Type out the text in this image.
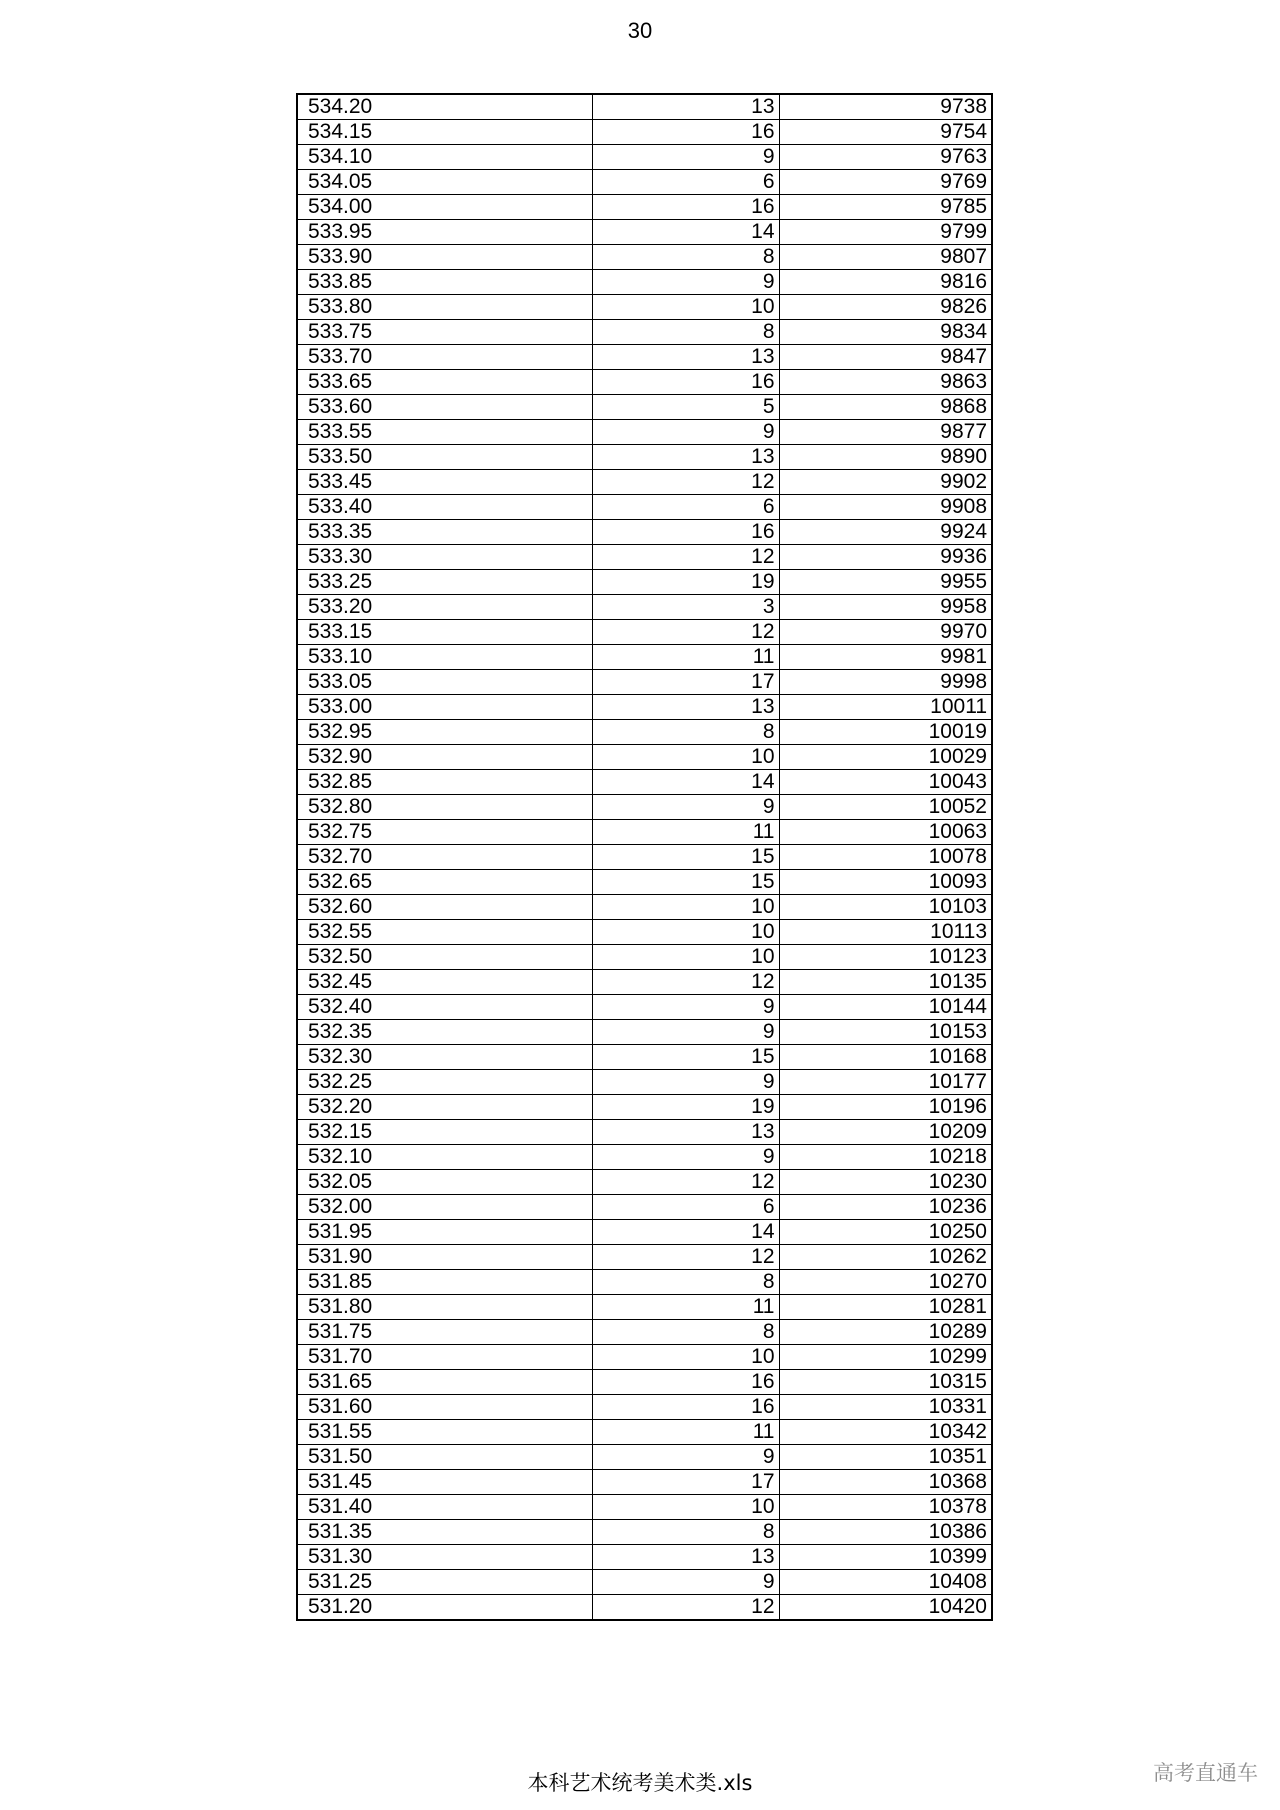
30
534.20	13	9738
534.15	16	9754
534.10	9	9763
534.05	6	9769
534.00	16	9785
533.95	14	9799
533.90	8	9807
533.85	9	9816
533.80	10	9826
533.75	8	9834
533.70	13	9847
533.65	16	9863
533.60	5	9868
533.55	9	9877
533.50	13	9890
533.45	12	9902
533.40	6	9908
533.35	16	9924
533.30	12	9936
533.25	19	9955
533.20	3	9958
533.15	12	9970
533.10	11	9981
533.05	17	9998
533.00	13	10011
532.95	8	10019
532.90	10	10029
532.85	14	10043
532.80	9	10052
532.75	11	10063
532.70	15	10078
532.65	15	10093
532.60	10	10103
532.55	10	10113
532.50	10	10123
532.45	12	10135
532.40	9	10144
532.35	9	10153
532.30	15	10168
532.25	9	10177
532.20	19	10196
532.15	13	10209
532.10	9	10218
532.05	12	10230
532.00	6	10236
531.95	14	10250
531.90	12	10262
531.85	8	10270
531.80	11	10281
531.75	8	10289
531.70	10	10299
531.65	16	10315
531.60	16	10331
531.55	11	10342
531.50	9	10351
531.45	17	10368
531.40	10	10378
531.35	8	10386
531.30	13	10399
531.25	9	10408
531.20	12	10420
本科艺术统考美术类.xls	高考直通车
